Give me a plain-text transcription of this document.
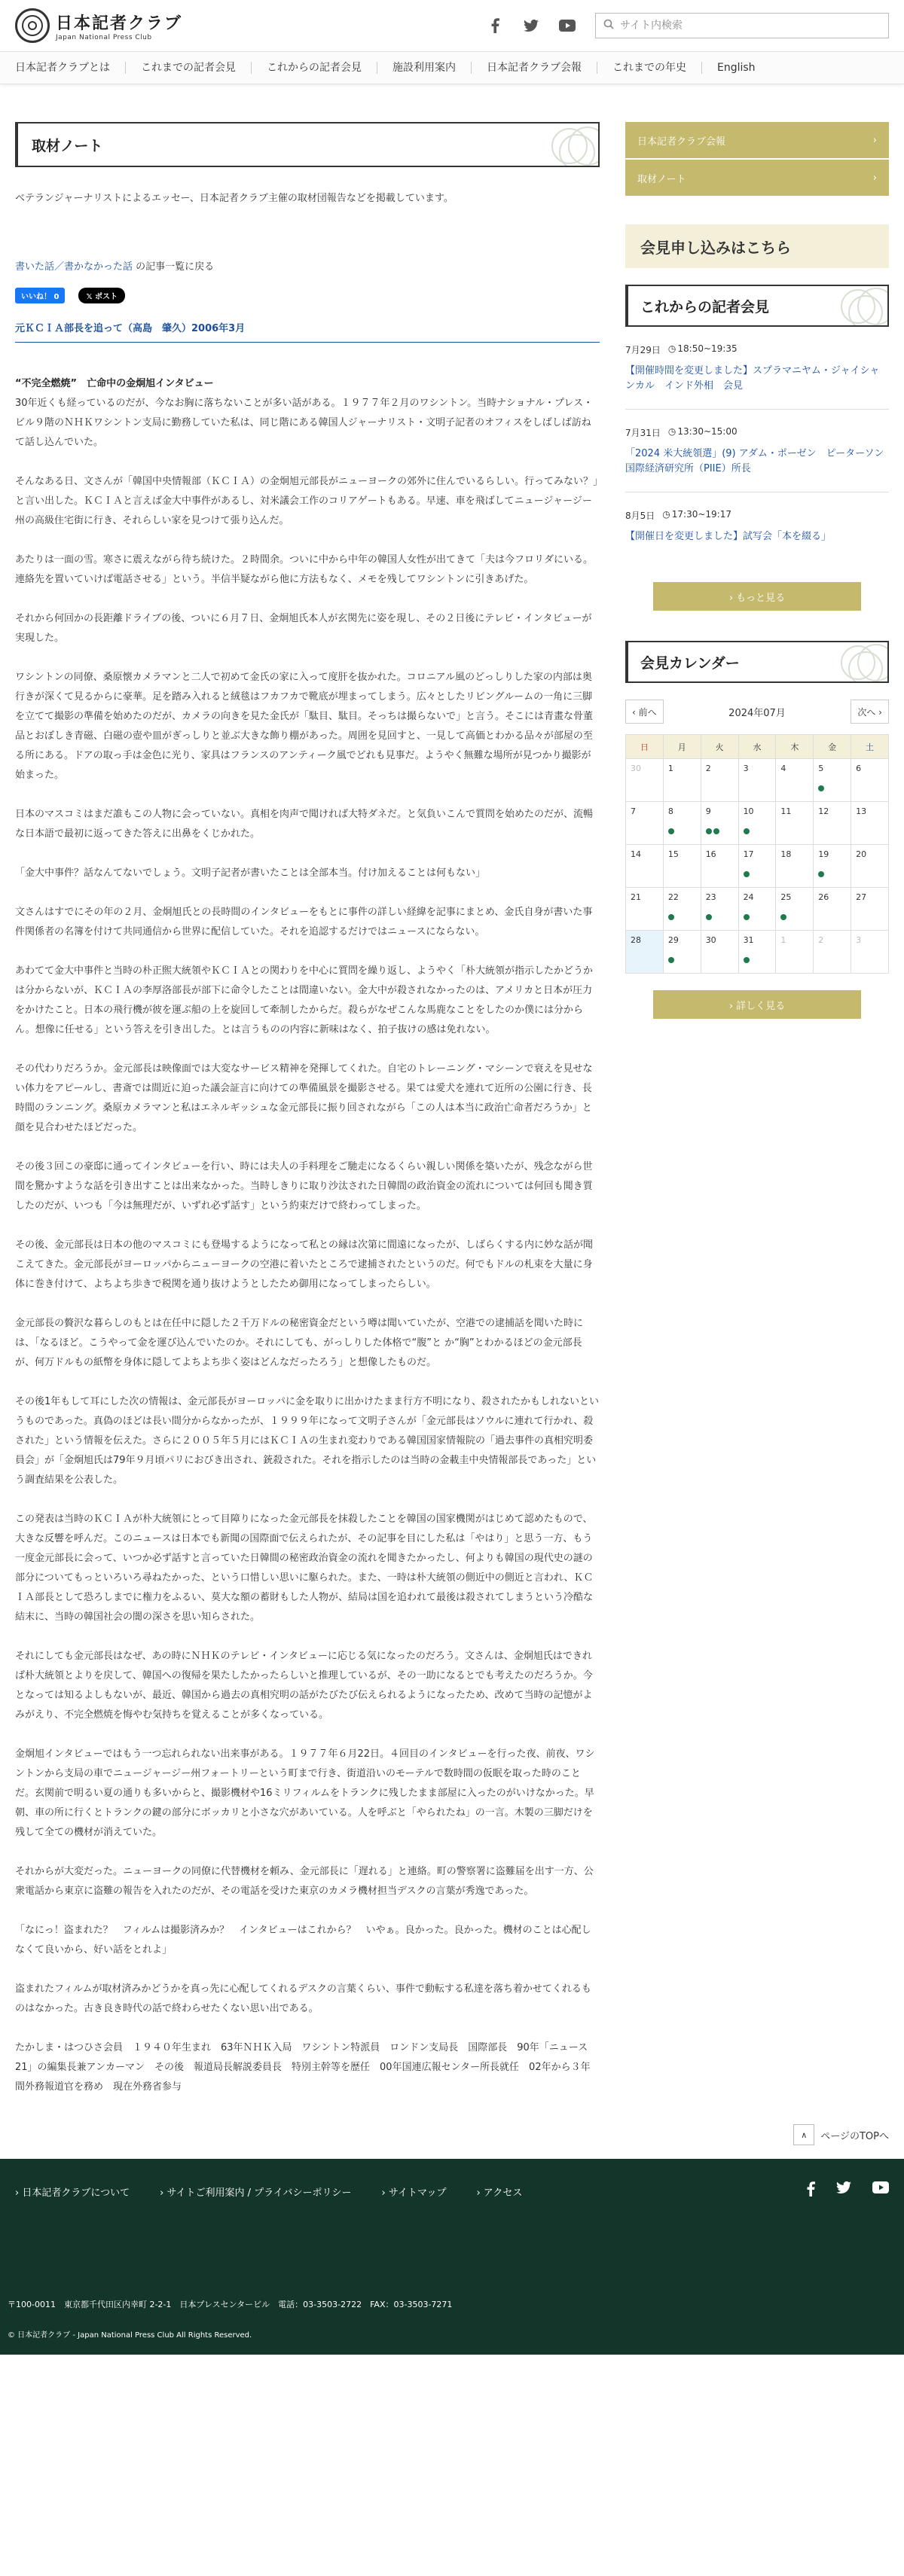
日本記者クラブ
Japan National Press Club
サイト内検索
日本記者クラブとは	これまでの記者会見	これからの記者会見	施設利用案内	日本記者クラブ会報	これまでの年史	English
取材ノート

ベテランジャーナリストによるエッセー、日本記者クラブ主催の取材団報告などを掲載しています。

書いた話／書かなかった話 の記事一覧に戻る
いいね！ 0	𝕏 ポスト
元ＫＣＩＡ部長を追って（高島　肇久）2006年3月
“不完全燃焼”　亡命中の金炯旭インタビュー

30年近くも経っているのだが、今なお胸に落ちないことが多い話がある。１９７７年２月のワシントン。当時ナショナル・プレス・ビル９階のＮＨＫワシントン支局に勤務していた私は、同じ階にある韓国人ジャーナリスト・文明子記者のオフィスをしばしば訪ねて話し込んでいた。

そんなある日、文さんが「韓国中央情報部（ＫＣＩＡ）の金炯旭元部長がニューヨークの郊外に住んでいるらしい。行ってみない？」と言い出した。ＫＣＩＡと言えば金大中事件があるし、対米議会工作のコリアゲートもある。早速、車を飛ばしてニュージャージー州の高級住宅街に行き、それらしい家を見つけて張り込んだ。

あたりは一面の雪。寒さに震えながら待ち続けた。２時間余。ついに中から中年の韓国人女性が出てきて「夫は今フロリダにいる。連絡先を置いていけば電話させる」という。半信半疑ながら他に方法もなく、メモを残してワシントンに引きあげた。

それから何回かの長距離ドライブの後、ついに６月７日、金炯旭氏本人が玄関先に姿を現し、その２日後にテレビ・インタビューが実現した。

ワシントンの同僚、桑原懐カメラマンと二人で初めて金氏の家に入って度肝を抜かれた。コロニアル風のどっしりした家の内部は奥行きが深くて見るからに豪華。足を踏み入れると絨毯はフカフカで靴底が埋まってしまう。広々としたリビングルームの一角に三脚を立てて撮影の準備を始めたのだが、カメラの向きを見た金氏が「駄目、駄目。そっちは撮らないで」と言う。そこには青畫な骨董品とおぼしき青磁、白磁の壺や皿がぎっしりと並ぶ大きな飾り棚があった。周囲を見回すと、一見して高価とわかる品々が部屋の至る所にある。ドアの取っ手は金色に光り、家具はフランスのアンティーク風でどれも見事だ。ようやく無難な場所が見つかり撮影が始まった。

日本のマスコミはまだ誰もこの人物に会っていない。真相を肉声で聞ければ大特ダネだ。と気負いこんで質問を始めたのだが、流暢な日本語で最初に返ってきた答えに出鼻をくじかれた。

「金大中事件？話なんてないでしょう。文明子記者が書いたことは全部本当。付け加えることは何もない」

文さんはすでにその年の２月、金炯旭氏との長時間のインタビューをもとに事件の詳しい経緯を記事にまとめ、金氏自身が書いた事件関係者の名簿を付けて共同通信から世界に配信していた。それを追認するだけではニュースにならない。

あわてて金大中事件と当時の朴正煕大統領やＫＣＩＡとの関わりを中心に質問を繰り返し、ようやく「朴大統領が指示したかどうかは分からないが、ＫＣＩＡの李厚洛部長が部下に命令したことは間違いない。金大中が殺されなかったのは、アメリカと日本が圧力をかけたこと。日本の飛行機が彼を運ぶ船の上を旋回して牽制したからだ。殺らがなぜこんな馬鹿なことをしたのか僕には分からん。想像に任せる」という答えを引き出した。とは言うものの内容に新味はなく、拍子抜けの感は免れない。

その代わりだろうか。金元部長は映像面では大変なサービス精神を発揮してくれた。自宅のトレーニング・マシーンで衰えを見せない体力をアピールし、書斎では間近に迫った議会証言に向けての準備風景を撮影させる。果ては愛犬を連れて近所の公園に行き、長時間のランニング。桑原カメラマンと私はエネルギッシュな金元部長に振り回されながら「この人は本当に政治亡命者だろうか」と顔を見合わせたほどだった。

その後３回この豪邸に通ってインタビューを行い、時には夫人の手料理をご馳走になるくらい親しい関係を築いたが、残念ながら世間を驚かすような話を引き出すことは出来なかった。当時しきりに取り沙汰された日韓間の政治資金の流れについては何回も聞き質したのだが、いつも「今は無理だが、いずれ必ず話す」という約束だけで終わってしまった。

その後、金元部長は日本の他のマスコミにも登場するようになって私との縁は次第に間遠になったが、しばらくする内に妙な話が聞こえてきた。金元部長がヨーロッパからニューヨークの空港に着いたところで逮捕されたというのだ。何でもドルの札束を大量に身体に巻き付けて、よちよち歩きで税関を通り抜けようとしたため御用になってしまったらしい。

金元部長の贅沢な暮らしのもとは在任中に隠した２千万ドルの秘密資金だという噂は聞いていたが、空港での逮捕話を聞いた時には、「なるほど。こうやって金を運び込んでいたのか。それにしても、がっしりした体格で“腹”と か“胸”とわかるほどの金元部長が、何万ドルもの紙幣を身体に隠してよちよち歩く姿はどんなだったろう」と想像したものだ。

その後1年もして耳にした次の情報は、金元部長がヨーロッパに金を取りに出かけたまま行方不明になり、殺されたかもしれないというものであった。真偽のほどは長い間分からなかったが、１９９９年になって文明子さんが「金元部長はソウルに連れて行かれ、殺された」という情報を伝えた。さらに２００５年５月にはＫＣＩＡの生まれ変わりである韓国国家情報院の「過去事件の真相究明委員会」が「金炯旭氏は79年９月頃パリにおびき出され、銃殺された。それを指示したのは当時の金載圭中央情報部長であった」という調査結果を公表した。

この発表は当時のＫＣＩＡが朴大統領にとって目障りになった金元部長を抹殺したことを韓国の国家機関がはじめて認めたもので、大きな反響を呼んだ。このニュースは日本でも新聞の国際面で伝えられたが、その記事を目にした私は「やはり」と思う一方、もう一度金元部長に会って、いつか必ず話すと言っていた日韓間の秘密政治資金の流れを聞きたかったし、何よりも韓国の現代史の謎の部分についてもっといろいろ尋ねたかった、という口惜しい思いに駆られた。また、一時は朴大統領の側近中の側近と言われ、ＫＣＩＡ部長として恐ろしまでに権力をふるい、莫大な額の蓄財もした人物が、結局は国を追われて最後は殺されてしまうという冷酷な結末に、当時の韓国社会の闇の深さを思い知らされた。

それにしても金元部長はなぜ、あの時にＮＨＫのテレビ・インタビューに応じる気になったのだろう。文さんは、金炯旭氏はできれば朴大統領とよりを戻して、韓国への復帰を果たしたかったらしいと推理しているが、その一助になるとでも考えたのだろうか。今となっては知るよしもないが、最近、韓国から過去の真相究明の話がたびたび伝えられるようになったため、改めて当時の記憶がよみがえり、不完全燃焼を悔やむ気持ちを覚えることが多くなっている。

金炯旭インタビューではもう一つ忘れられない出来事がある。１９７７年６月22日。４回目のインタビューを行った夜、前夜、ワシントンから支局の車でニュージャージー州フォートリーという町まで行き、街道沿いのモーテルで数時間の仮眠を取った時のことだ。玄関前で明るい夏の通りも多いからと、撮影機材や16ミリフィルムをトランクに残したまま部屋に入ったのがいけなかった。早朝、車の所に行くとトランクの鍵の部分にボッカリと小さな穴があいている。人を呼ぶと「やられたね」の一言。木製の三脚だけを残して全ての機材が消えていた。

それからが大変だった。ニューヨークの同僚に代替機材を頼み、金元部長に「遅れる」と連絡。町の警察署に盗難届を出す一方、公衆電話から東京に盗難の報告を入れたのだが、その電話を受けた東京のカメラ機材担当デスクの言葉が秀逸であった。

「なにっ！盗まれた？　フィルムは撮影済みか？　インタビューはこれから？　いやぁ。良かった。良かった。機材のことは心配しなくて良いから、好い話をとれよ」

盗まれたフィルムが取材済みかどうかを真っ先に心配してくれるデスクの言葉くらい、事件で動転する私達を落ち着かせてくれるものはなかった。古き良き時代の話で終わらせたくない思い出である。

たかしま・はつひさ会員　１９４０年生まれ　63年ＮＨＫ入局　ワシントン特派員　ロンドン支局長　国際部長　90年「ニュース21」の編集長兼アンカーマン　その後　報道局長解説委員長　特別主幹等を歴任　00年国連広報センター所長就任　02年から３年間外務報道官を務め　現在外務省参与

日本記者クラブ会報	›
取材ノート	›
会見申し込みはこちら
これからの記者会見
7月29日 ◷ 18:50~19:35
【開催時間を変更しました】スプラマニヤム・ジャイシャンカル　インド外相　会見
7月31日 ◷ 13:30~15:00
「2024 米大統領選」(9) アダム・ポーゼン　ピーターソン国際経済研究所（PIIE）所長
8月5日 ◷ 17:30~19:17
【開催日を変更しました】試写会「本を綴る」
› もっと見る
会見カレンダー
‹ 前へ	2024年07月	次へ ›
日	月	火	水	木	金	土

30	1	2	3	4	5	6

7	8	9	10	11	12	13

14	15	16	17	18	19	20

21	22	23	24	25	26	27

28	29	30	31	1	2	3
› 詳しく見る
∧	ページのTOPへ
› 日本記者クラブについて	› サイトご利用案内 / プライバシーポリシー	› サイトマップ	› アクセス
〒100-0011　東京都千代田区内幸町 2-2-1　日本プレスセンタービル　電話：03-3503-2722　FAX：03-3503-7271
© 日本記者クラブ - Japan National Press Club All Rights Reserved.
